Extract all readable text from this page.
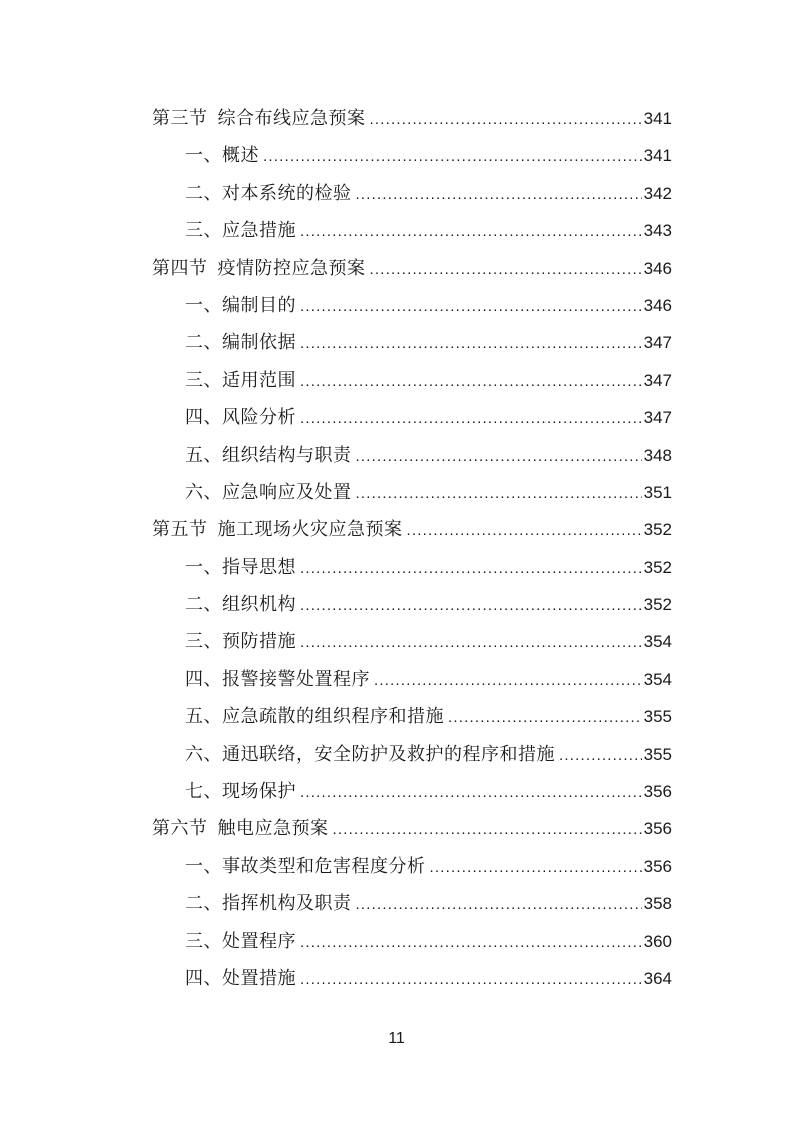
第三节 综合布线应急预案 .....	341
一、概述 .....	341
二、对本系统的检验 .....	342
三、应急措施 .....	343
第四节 疫情防控应急预案 .....	346
一、编制目的 .....	346
二、编制依据 .....	347
三、适用范围 .....	347
四、风险分析 .....	347
五、组织结构与职责 .....	348
六、应急响应及处置 .....	351
第五节 施工现场火灾应急预案 .....	352
一、指导思想 .....	352
二、组织机构 .....	352
三、预防措施 .....	354
四、报警接警处置程序 .....	354
五、应急疏散的组织程序和措施 .....	355
六、通迅联络，安全防护及救护的程序和措施 .....	355
七、现场保护 .....	356
第六节 触电应急预案 .....	356
一、事故类型和危害程度分析 .....	356
二、指挥机构及职责 .....	358
三、处置程序 .....	360
四、处置措施 .....	364
11
